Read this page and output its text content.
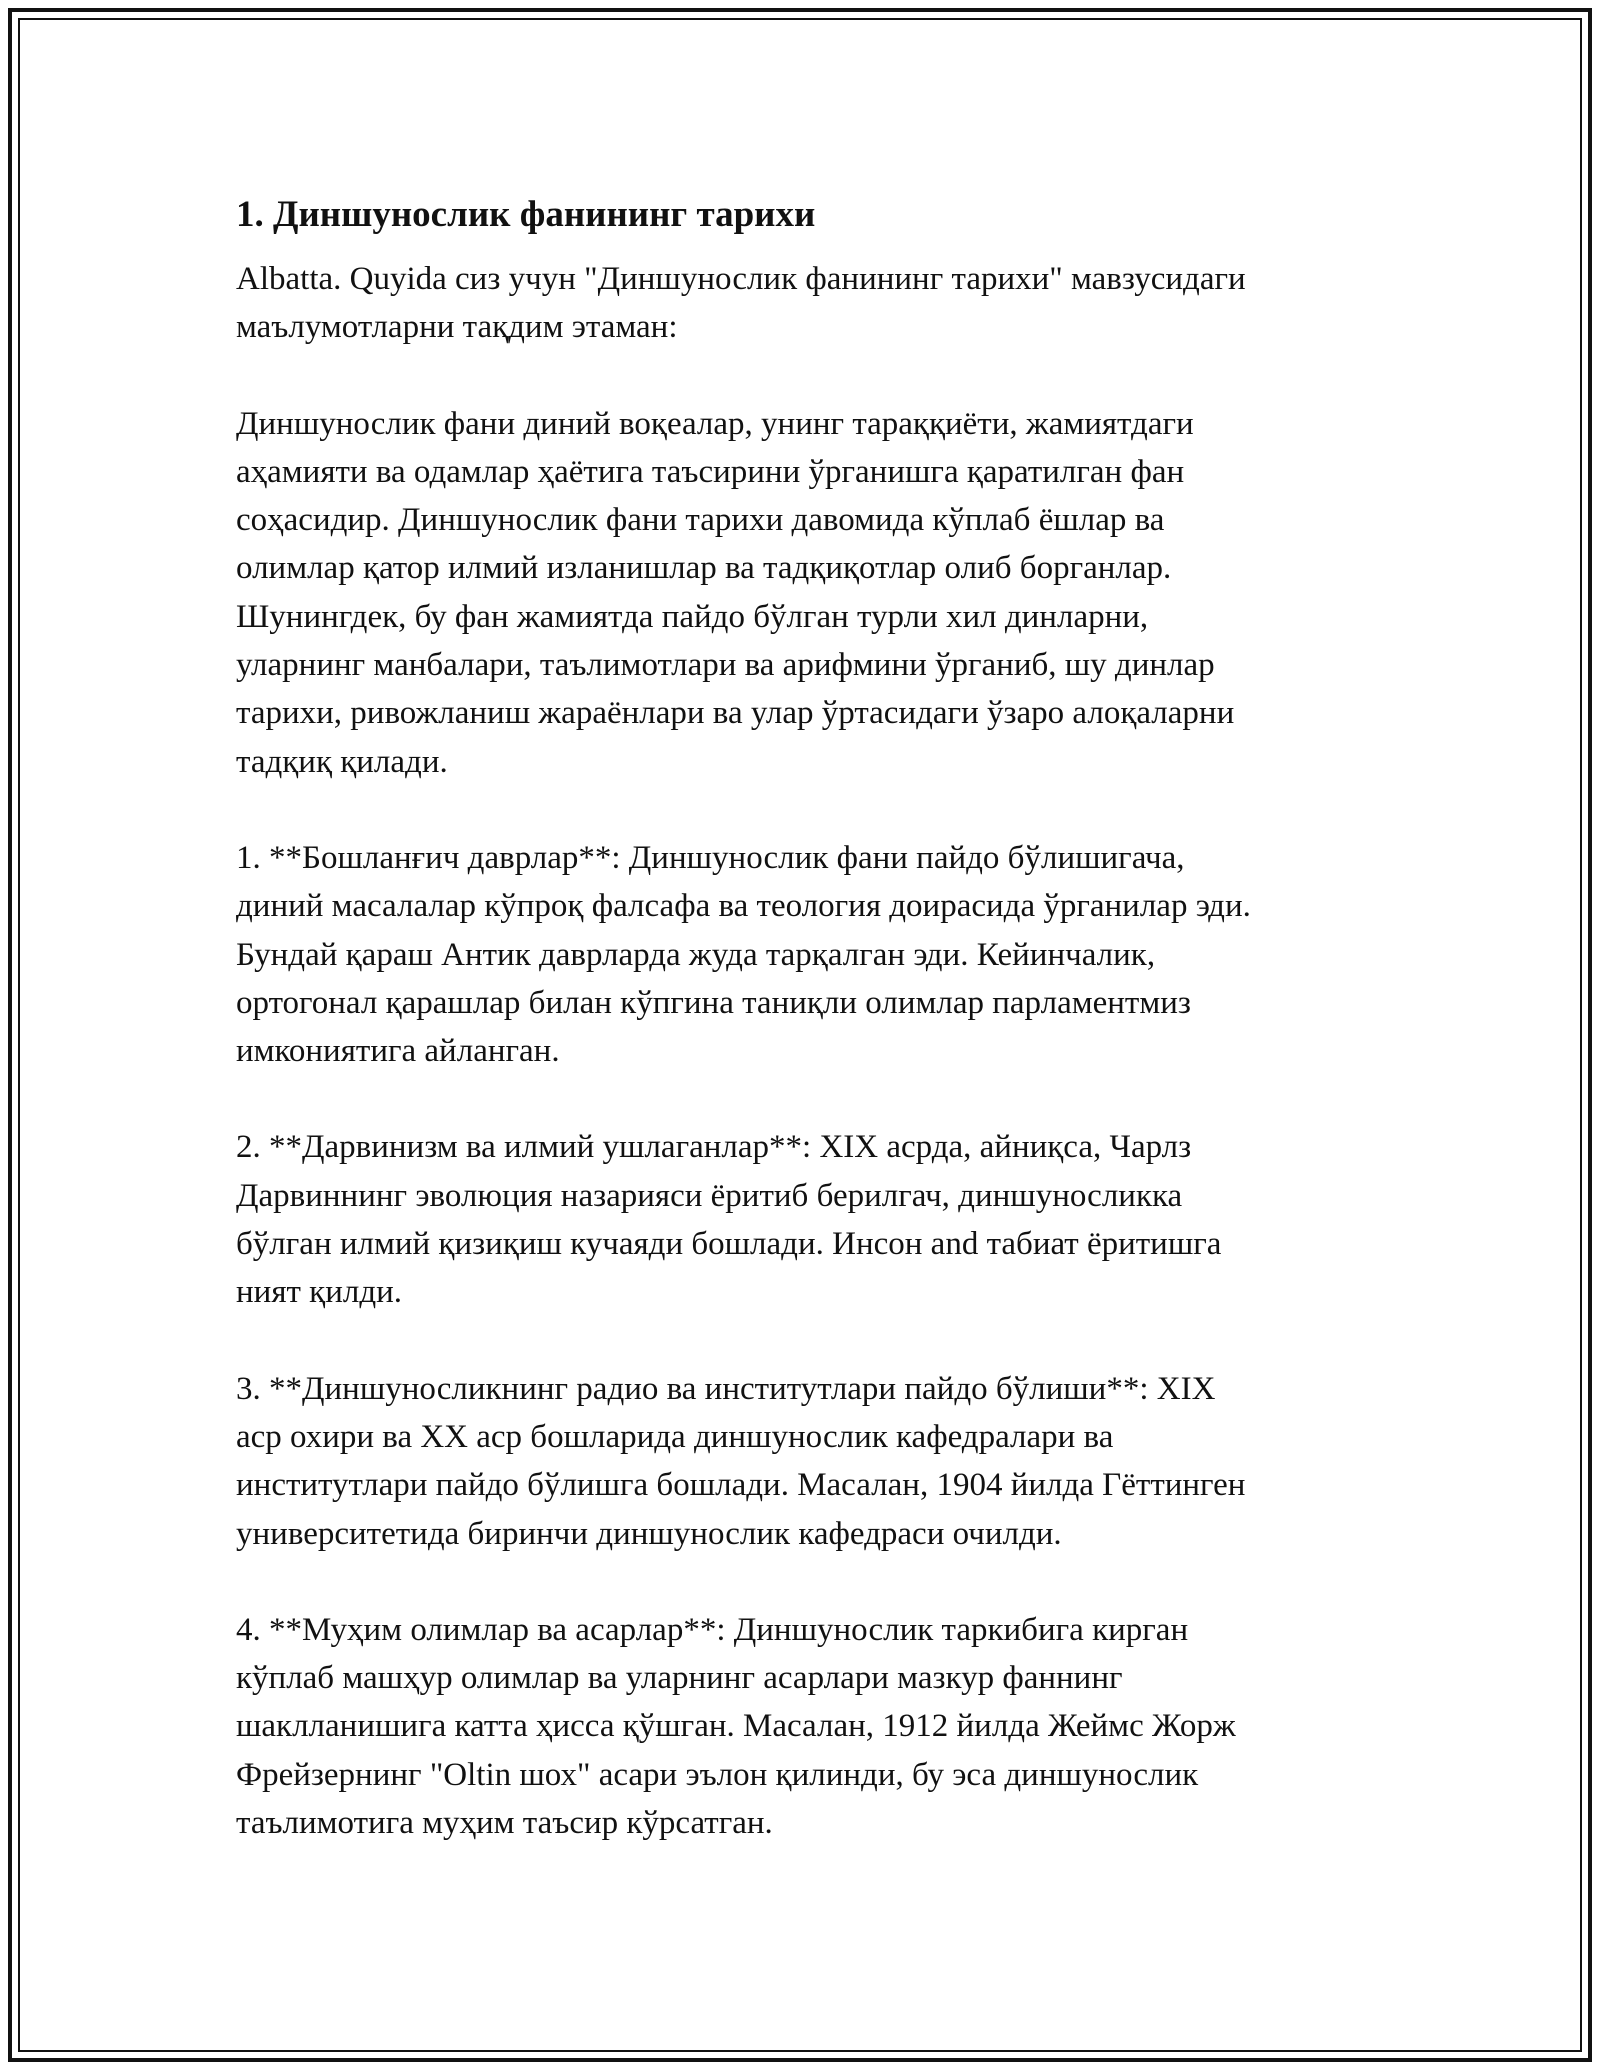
1. Диншунослик фанининг тарихи

Albatta. Quyida сиз учун "Диншунослик фанининг тарихи" мавзусидаги
маълумотларни тақдим этаман:

Диншунослик фани диний воқеалар, унинг тараққиёти, жамиятдаги
aҳамияти ва одамлар ҳаётига таъсирини ўрганишга қаратилган фан
соҳасидир. Диншунослик фани тарихи давомида кўплаб ёшлар ва
олимлар қатор илмий изланишлар ва тадқиқотлар олиб борганлар.
Шунингдек, бу фан жамиятда пайдо бўлган турли хил динларни,
уларнинг манбалари, таълимотлари ва арифмини ўрганиб, шу динлар
тарихи, ривожланиш жараёнлари ва улар ўртасидаги ўзаро алоқаларни
тадқиқ қилади.

1. **Бошланғич даврлар**: Диншунослик фани пайдо бўлишигача,
диний масалалар кўпроқ фалсафа ва теология доирасида ўрганилар эди.
Бундай қараш Антик даврларда жуда тарқалган эди. Кейинчалик,
ортогонал қарашлар билан кўпгина таниқли олимлар парламентмиз
имкониятига айланган.

2. **Дарвинизм ва илмий ушлаганлар**: XIX асрда, айниқса, Чарлз
Дарвиннинг эволюция назарияси ёритиб берилгач, диншуносликка
бўлган илмий қизиқиш кучаяди бошлади. Инсон and табиат ёритишга
ният қилди.

3. **Диншуносликнинг радио ва институтлари пайдо бўлиши**: XIX
аср охири ва XX аср бошларида диншунослик кафедралари ва
институтлари пайдо бўлишга бошлади. Масалан, 1904 йилда Гёттинген
университетида биринчи диншунослик кафедраси очилди.

4. **Муҳим олимлар ва асарлар**: Диншунослик таркибига кирган
кўплаб машҳур олимлар ва уларнинг асарлари мазкур фаннинг
шаклланишига катта ҳисса қўшган. Масалан, 1912 йилда Жеймс Жорж
Фрейзернинг "Oltin шох" асари эълон қилинди, бу эса диншунослик
таълимотига муҳим таъсир кўрсатган.
